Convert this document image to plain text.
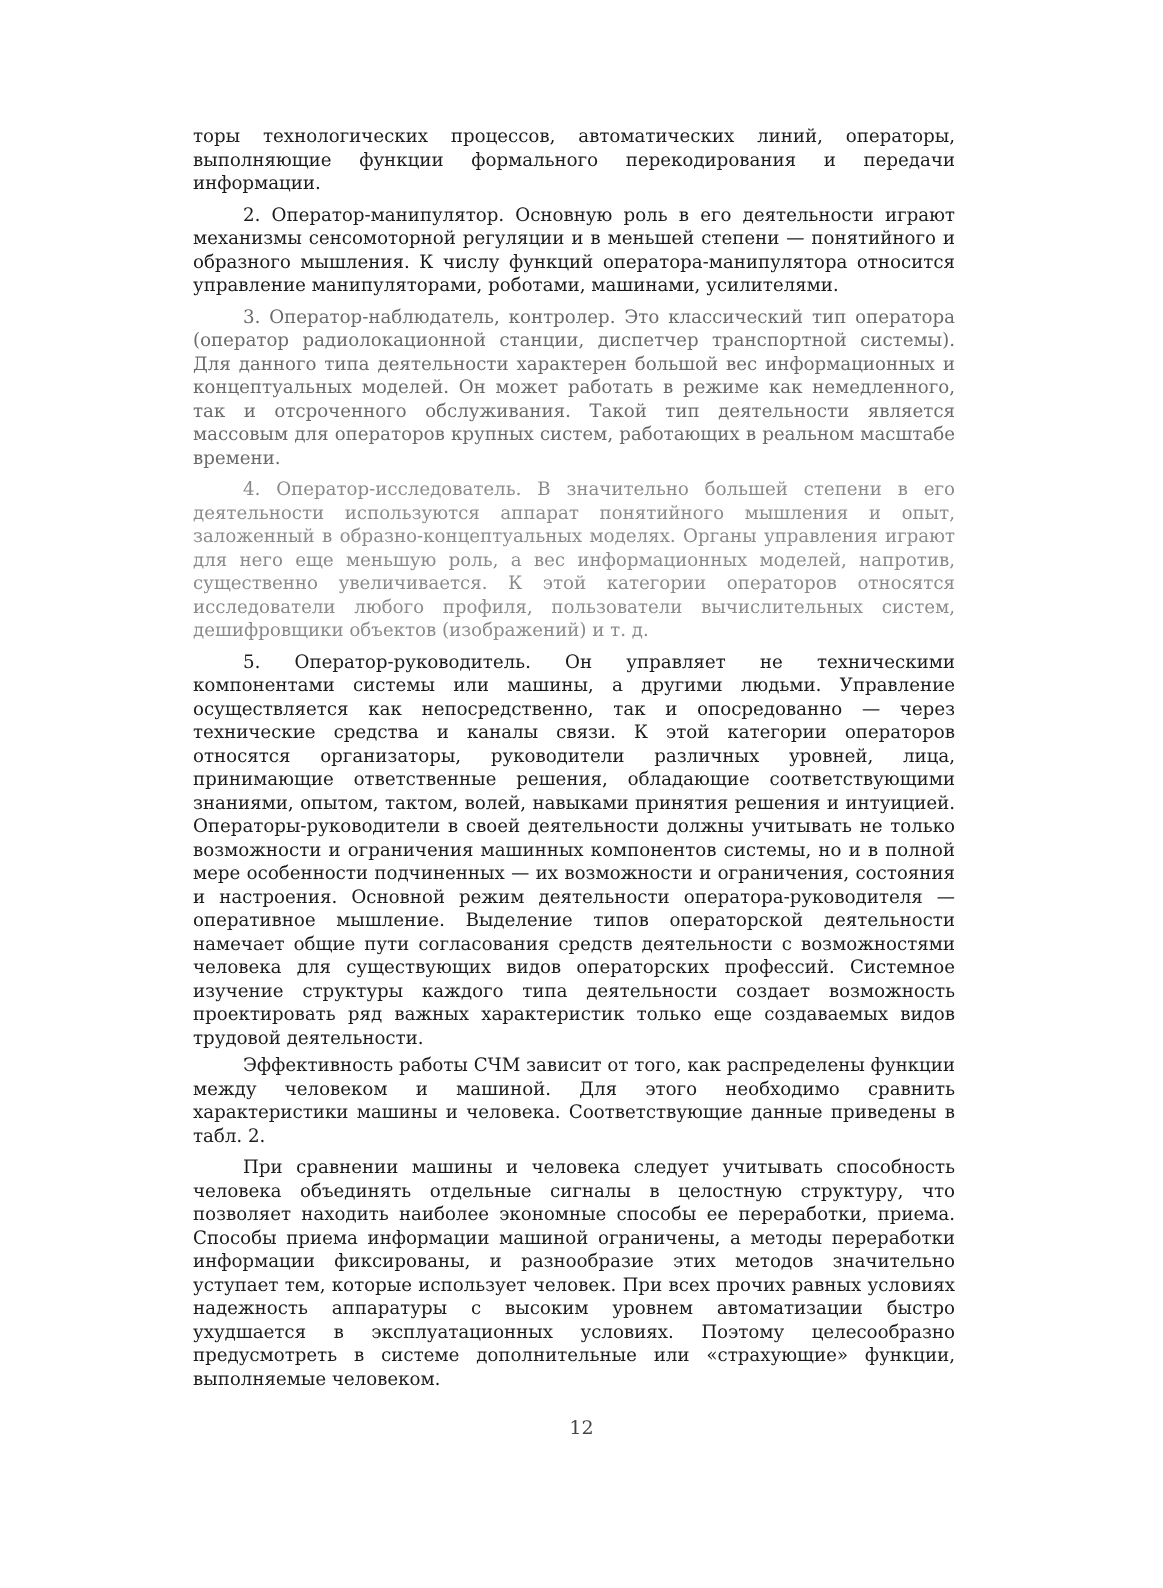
торы технологических процессов, автоматических линий, операторы, выполняющие функции формального перекодирования и передачи информации.

2. Оператор-манипулятор. Основную роль в его деятельности играют механизмы сенсомоторной регуляции и в меньшей степени — понятийного и образного мышления. К числу функций оператора-манипулятора относится управление манипуляторами, роботами, машинами, усилителями.

3. Оператор-наблюдатель, контролер. Это классический тип оператора (оператор радиолокационной станции, диспетчер транспортной системы). Для данного типа деятельности характерен большой вес информационных и концептуальных моделей. Он может работать в режиме как немедленного, так и отсроченного обслуживания. Такой тип деятельности является массовым для операторов крупных систем, работающих в реальном масштабе времени.

4. Оператор-исследователь. В значительно большей степени в его деятельности используются аппарат понятийного мышления и опыт, заложенный в образно-концептуальных моделях. Органы управления играют для него еще меньшую роль, а вес информационных моделей, напротив, существенно увеличивается. К этой категории операторов относятся исследователи любого профиля, пользователи вычислительных систем, дешифровщики объектов (изображений) и т. д.

5. Оператор-руководитель. Он управляет не техническими компонентами системы или машины, а другими людьми. Управление осуществляется как непосредственно, так и опосредованно — через технические средства и каналы связи. К этой категории операторов относятся организаторы, руководители различных уровней, лица, принимающие ответственные решения, обладающие соответствующими знаниями, опытом, тактом, волей, навыками принятия решения и интуицией. Операторы-руководители в своей деятельности должны учитывать не только возможности и ограничения машинных компонентов системы, но и в полной мере особенности подчиненных — их возможности и ограничения, состояния и настроения. Основной режим деятельности оператора-руководителя — оперативное мышление. Выделение типов операторской деятельности намечает общие пути согласования средств деятельности с возможностями человека для существующих видов операторских профессий. Системное изучение структуры каждого типа деятельности создает возможность проектировать ряд важных характеристик только еще создаваемых видов трудовой деятельности.

Эффективность работы СЧМ зависит от того, как распределены функции между человеком и машиной. Для этого необходимо сравнить характеристики машины и человека. Соответствующие данные приведены в табл. 2.

При сравнении машины и человека следует учитывать способность человека объединять отдельные сигналы в целостную структуру, что позволяет находить наиболее экономные способы ее переработки, приема. Способы приема информации машиной ограничены, а методы переработки информации фиксированы, и разнообразие этих методов значительно уступает тем, которые использует человек. При всех прочих равных условиях надежность аппаратуры с высоким уровнем автоматизации быстро ухудшается в эксплуатационных условиях. Поэтому целесообразно предусмотреть в системе дополнительные или «страхующие» функции, выполняемые человеком.

12
